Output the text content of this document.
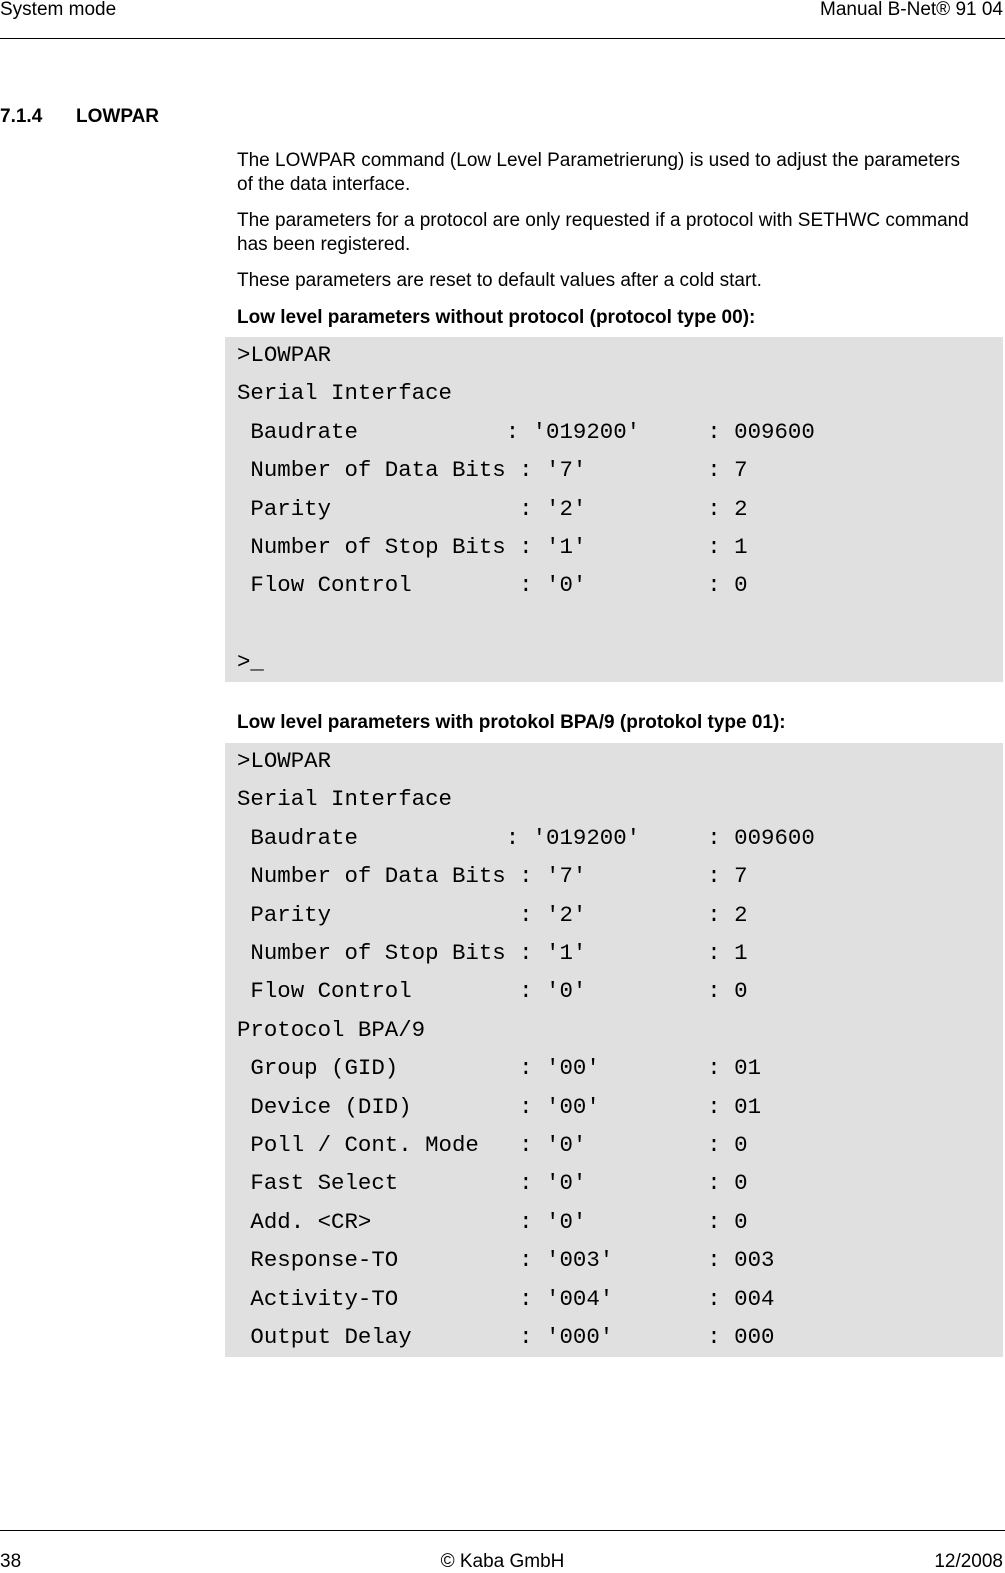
System mode	Manual B-Net® 91 04
7.1.4 LOWPAR
The LOWPAR command (Low Level Parametrierung) is used to adjust the parameters of the data interface.
The parameters for a protocol are only requested if a protocol with SETHWC command has been registered.
These parameters are reset to default values after a cold start.
Low level parameters without protocol (protocol type 00):
>LOWPAR
Serial Interface
Baudrate           : '019200'     : 009600
Number of Data Bits : '7'         : 7
Parity              : '2'         : 2
Number of Stop Bits : '1'         : 1
Flow Control        : '0'         : 0
>_
Low level parameters with protokol BPA/9 (protokol type 01):
>LOWPAR
Serial Interface
Baudrate           : '019200'     : 009600
Number of Data Bits : '7'         : 7
Parity              : '2'         : 2
Number of Stop Bits : '1'         : 1
Flow Control        : '0'         : 0
Protocol BPA/9
Group (GID)         : '00'        : 01
Device (DID)        : '00'        : 01
Poll / Cont. Mode   : '0'         : 0
Fast Select         : '0'         : 0
Add. <CR>           : '0'         : 0
Response-TO         : '003'       : 003
Activity-TO         : '004'       : 004
Output Delay        : '000'       : 000
38	© Kaba GmbH	12/2008
